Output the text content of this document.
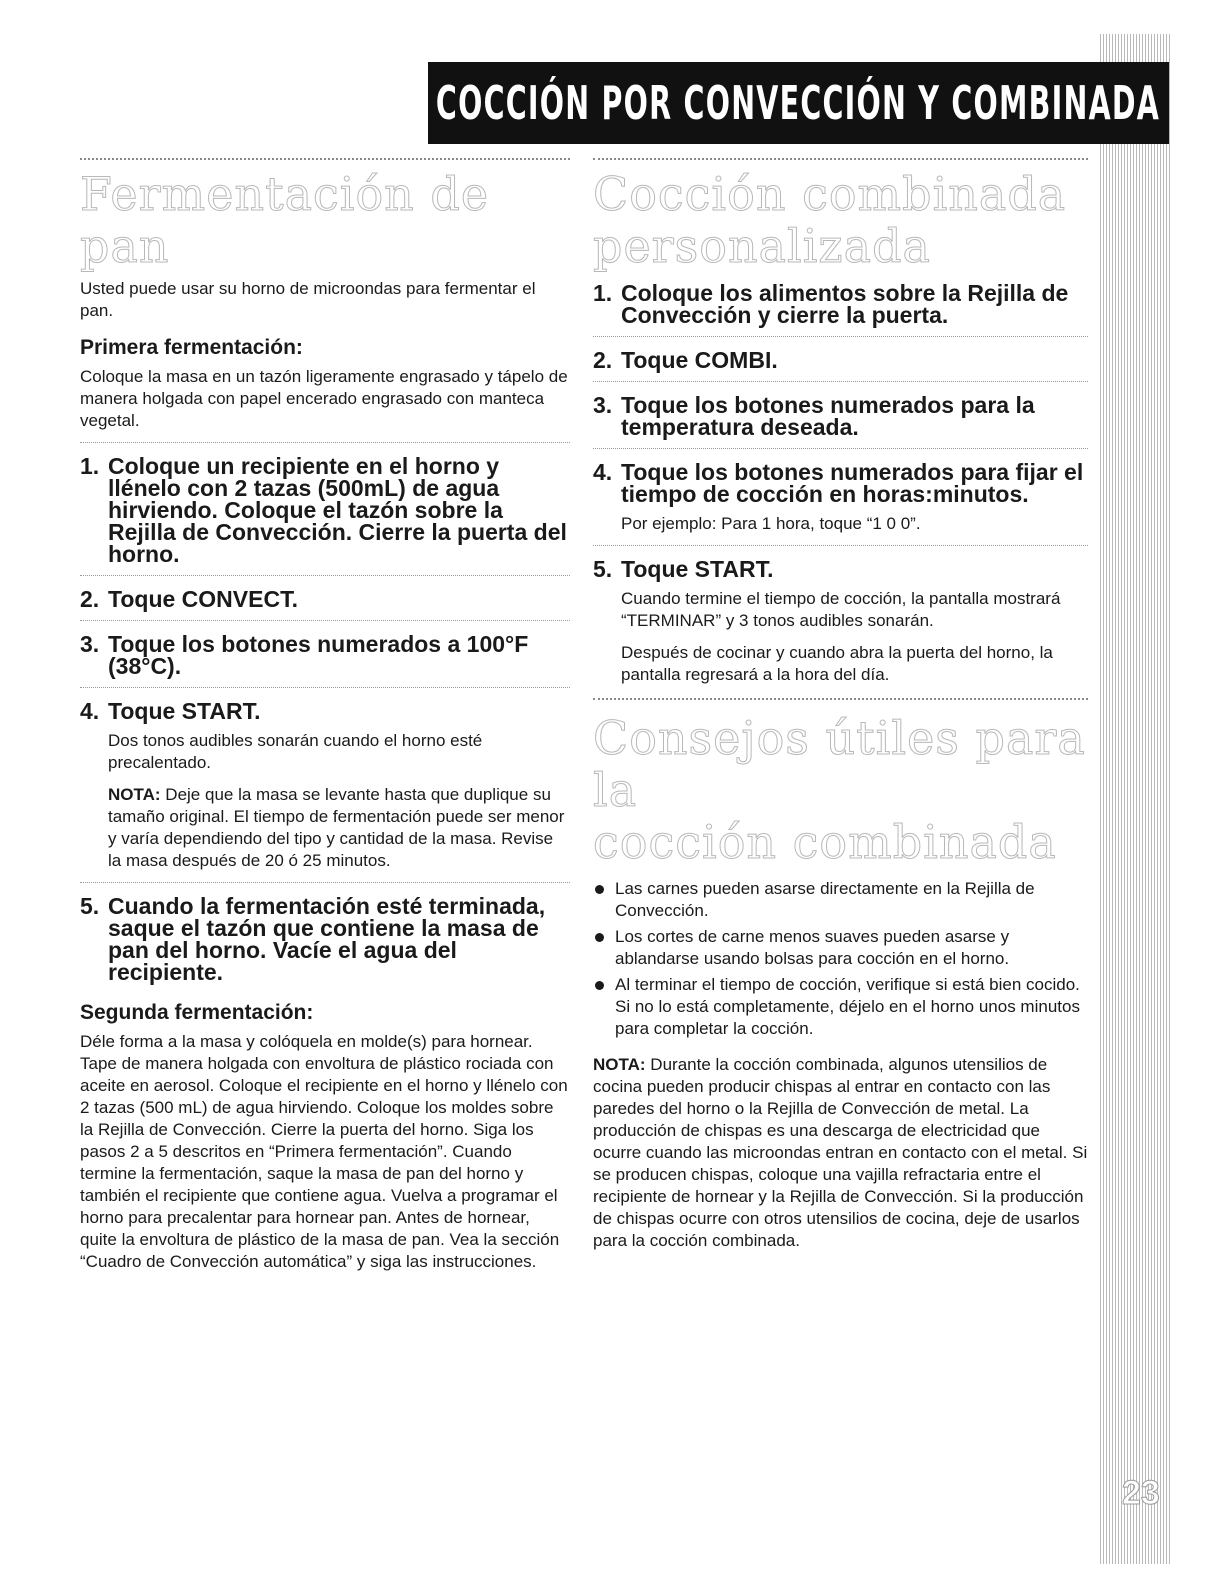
23
COCCIÓN POR CONVECCIÓN Y COMBINADA
Fermentación de pan

Usted puede usar su horno de microondas para fermentar el pan.

Primera fermentación:

Coloque la masa en un tazón ligeramente engrasado y tápelo de manera holgada con papel encerado engrasado con manteca vegetal.

1. Coloque un recipiente en el horno y llénelo con 2 tazas (500mL) de agua hirviendo. Coloque el tazón sobre la Rejilla de Convección. Cierre la puerta del horno.
2. Toque CONVECT.
3. Toque los botones numerados a 100°F (38°C).
4. Toque START.

Dos tonos audibles sonarán cuando el horno esté precalentado.

NOTA: Deje que la masa se levante hasta que duplique su tamaño original. El tiempo de fermentación puede ser menor y varía dependiendo del tipo y cantidad de la masa. Revise la masa después de 20 ó 25 minutos.

5. Cuando la fermentación esté terminada, saque el tazón que contiene la masa de pan del horno. Vacíe el agua del recipiente.
Segunda fermentación:

Déle forma a la masa y colóquela en molde(s) para hornear. Tape de manera holgada con envoltura de plástico rociada con aceite en aerosol. Coloque el recipiente en el horno y llénelo con 2 tazas (500 mL) de agua hirviendo. Coloque los moldes sobre la Rejilla de Convección. Cierre la puerta del horno. Siga los pasos 2 a 5 descritos en “Primera fermentación”. Cuando termine la fermentación, saque la masa de pan del horno y también el recipiente que contiene agua. Vuelva a programar el horno para precalentar para hornear pan. Antes de hornear, quite la envoltura de plástico de la masa de pan. Vea la sección “Cuadro de Convección automática” y siga las instrucciones.

Cocción combinada
personalizada
1. Coloque los alimentos sobre la Rejilla de Convección y cierre la puerta.
2. Toque COMBI.
3. Toque los botones numerados para la temperatura deseada.
4. Toque los botones numerados para fijar el tiempo de cocción en horas:minutos.

Por ejemplo: Para 1 hora, toque “1 0 0”.

5. Toque START.

Cuando termine el tiempo de cocción, la pantalla mostrará “TERMINAR” y 3 tonos audibles sonarán.

Después de cocinar y cuando abra la puerta del horno, la pantalla regresará a la hora del día.

Consejos útiles para la
cocción combinada
Las carnes pueden asarse directamente en la Rejilla de Convección.
Los cortes de carne menos suaves pueden asarse y ablandarse usando bolsas para cocción en el horno.
Al terminar el tiempo de cocción, verifique si está bien cocido. Si no lo está completamente, déjelo en el horno unos minutos para completar la cocción.

NOTA: Durante la cocción combinada, algunos utensilios de cocina pueden producir chispas al entrar en contacto con las paredes del horno o la Rejilla de Convección de metal. La producción de chispas es una descarga de electricidad que ocurre cuando las microondas entran en contacto con el metal. Si se producen chispas, coloque una vajilla refractaria entre el recipiente de hornear y la Rejilla de Convección. Si la producción de chispas ocurre con otros utensilios de cocina, deje de usarlos para la cocción combinada.
